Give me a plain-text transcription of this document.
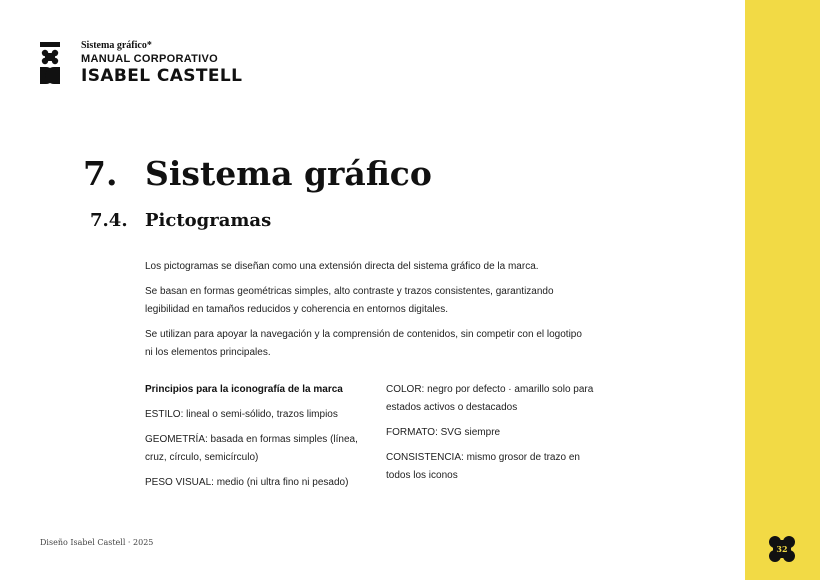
Sistema gráfico*
MANUAL CORPORATIVO
ISABEL CASTELL
7. Sistema gráfico
7.4. Pictogramas

Los pictogramas se diseñan como una extensión directa del sistema gráfico de la marca.

Se basan en formas geométricas simples, alto contraste y trazos consistentes, garantizando legibilidad en tamaños reducidos y coherencia en entornos digitales.

Se utilizan para apoyar la navegación y la comprensión de contenidos, sin competir con el logotipo ni los elementos principales.

Principios para la iconografía de la marca
ESTILO: lineal o semi-sólido, trazos limpios
GEOMETRÍA: basada en formas simples (línea, cruz, círculo, semicírculo)
PESO VISUAL: medio (ni ultra fino ni pesado)
COLOR: negro por defecto · amarillo solo para estados activos o destacados
FORMATO: SVG siempre
CONSISTENCIA: mismo grosor de trazo en todos los iconos
Diseño Isabel Castell · 2025
32
